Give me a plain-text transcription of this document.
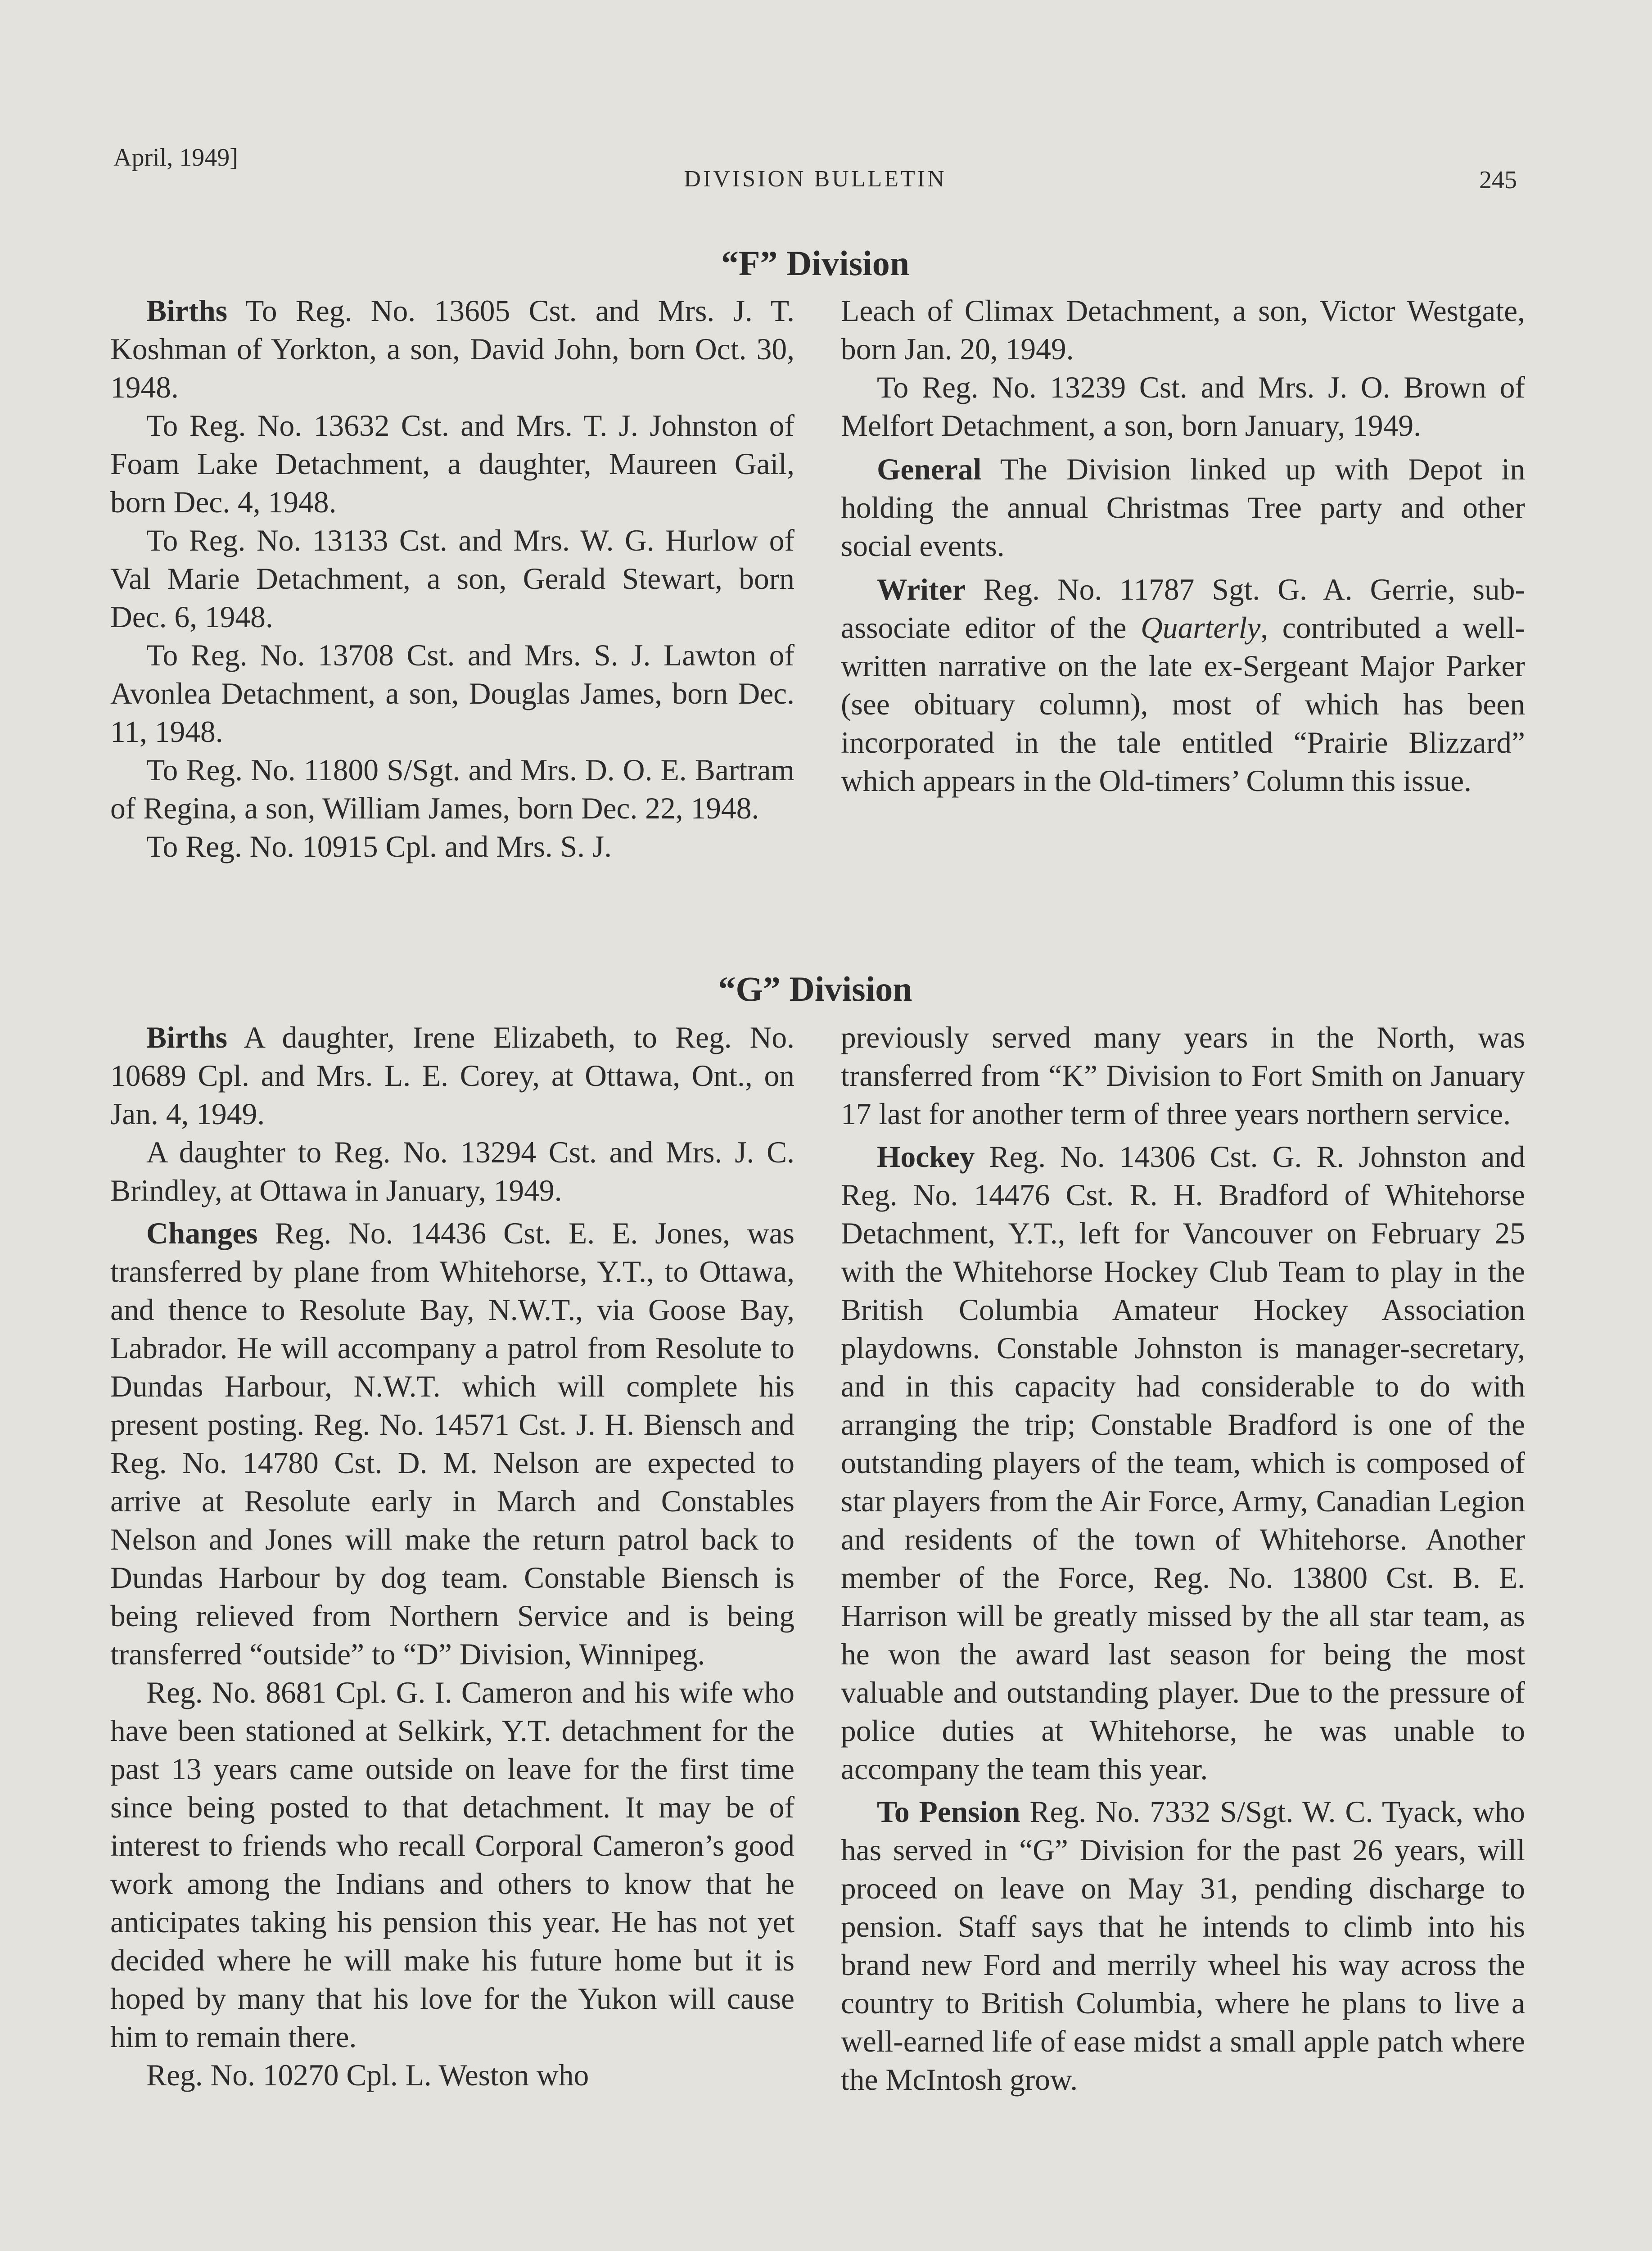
April, 1949]
DIVISION BULLETIN	245
“F” Division

Births To Reg. No. 13605 Cst. and Mrs. J. T. Koshman of Yorkton, a son, David John, born Oct. 30, 1948.

To Reg. No. 13632 Cst. and Mrs. T. J. Johnston of Foam Lake Detachment, a daughter, Maureen Gail, born Dec. 4, 1948.

To Reg. No. 13133 Cst. and Mrs. W. G. Hurlow of Val Marie Detachment, a son, Gerald Stewart, born Dec. 6, 1948.

To Reg. No. 13708 Cst. and Mrs. S. J. Lawton of Avonlea Detachment, a son, Douglas James, born Dec. 11, 1948.

To Reg. No. 11800 S/Sgt. and Mrs. D. O. E. Bartram of Regina, a son, William James, born Dec. 22, 1948.

To Reg. No. 10915 Cpl. and Mrs. S. J.

Leach of Climax Detachment, a son, Victor Westgate, born Jan. 20, 1949.

To Reg. No. 13239 Cst. and Mrs. J. O. Brown of Melfort Detachment, a son, born January, 1949.

General The Division linked up with Depot in holding the annual Christmas Tree party and other social events.

Writer Reg. No. 11787 Sgt. G. A. Gerrie, sub-associate editor of the Quarterly, contributed a well-written narrative on the late ex-Sergeant Major Parker (see obituary column), most of which has been incorporated in the tale entitled “Prairie Blizzard” which appears in the Old-timers’ Column this issue.

“G” Division

Births A daughter, Irene Elizabeth, to Reg. No. 10689 Cpl. and Mrs. L. E. Corey, at Ottawa, Ont., on Jan. 4, 1949.

A daughter to Reg. No. 13294 Cst. and Mrs. J. C. Brindley, at Ottawa in January, 1949.

Changes Reg. No. 14436 Cst. E. E. Jones, was transferred by plane from Whitehorse, Y.T., to Ottawa, and thence to Resolute Bay, N.W.T., via Goose Bay, Labrador. He will accompany a patrol from Resolute to Dundas Harbour, N.W.T. which will complete his present posting. Reg. No. 14571 Cst. J. H. Biensch and Reg. No. 14780 Cst. D. M. Nelson are expected to arrive at Resolute early in March and Constables Nelson and Jones will make the return patrol back to Dundas Harbour by dog team. Constable Biensch is being relieved from Northern Service and is being transferred “outside” to “D” Division, Winnipeg.

Reg. No. 8681 Cpl. G. I. Cameron and his wife who have been stationed at Selkirk, Y.T. detachment for the past 13 years came outside on leave for the first time since being posted to that detachment. It may be of interest to friends who recall Corporal Cameron’s good work among the Indians and others to know that he anticipates taking his pension this year. He has not yet decided where he will make his future home but it is hoped by many that his love for the Yukon will cause him to remain there.

Reg. No. 10270 Cpl. L. Weston who

previously served many years in the North, was transferred from “K” Division to Fort Smith on January 17 last for another term of three years northern service.

Hockey Reg. No. 14306 Cst. G. R. Johnston and Reg. No. 14476 Cst. R. H. Bradford of Whitehorse Detachment, Y.T., left for Vancouver on February 25 with the Whitehorse Hockey Club Team to play in the British Columbia Amateur Hockey Association playdowns. Constable Johnston is manager-secretary, and in this capacity had considerable to do with arranging the trip; Constable Bradford is one of the outstanding players of the team, which is composed of star players from the Air Force, Army, Canadian Legion and residents of the town of Whitehorse. Another member of the Force, Reg. No. 13800 Cst. B. E. Harrison will be greatly missed by the all star team, as he won the award last season for being the most valuable and outstanding player. Due to the pressure of police duties at Whitehorse, he was unable to accompany the team this year.

To Pension Reg. No. 7332 S/Sgt. W. C. Tyack, who has served in “G” Division for the past 26 years, will proceed on leave on May 31, pending discharge to pension. Staff says that he intends to climb into his brand new Ford and merrily wheel his way across the country to British Columbia, where he plans to live a well-earned life of ease midst a small apple patch where the McIntosh grow.
